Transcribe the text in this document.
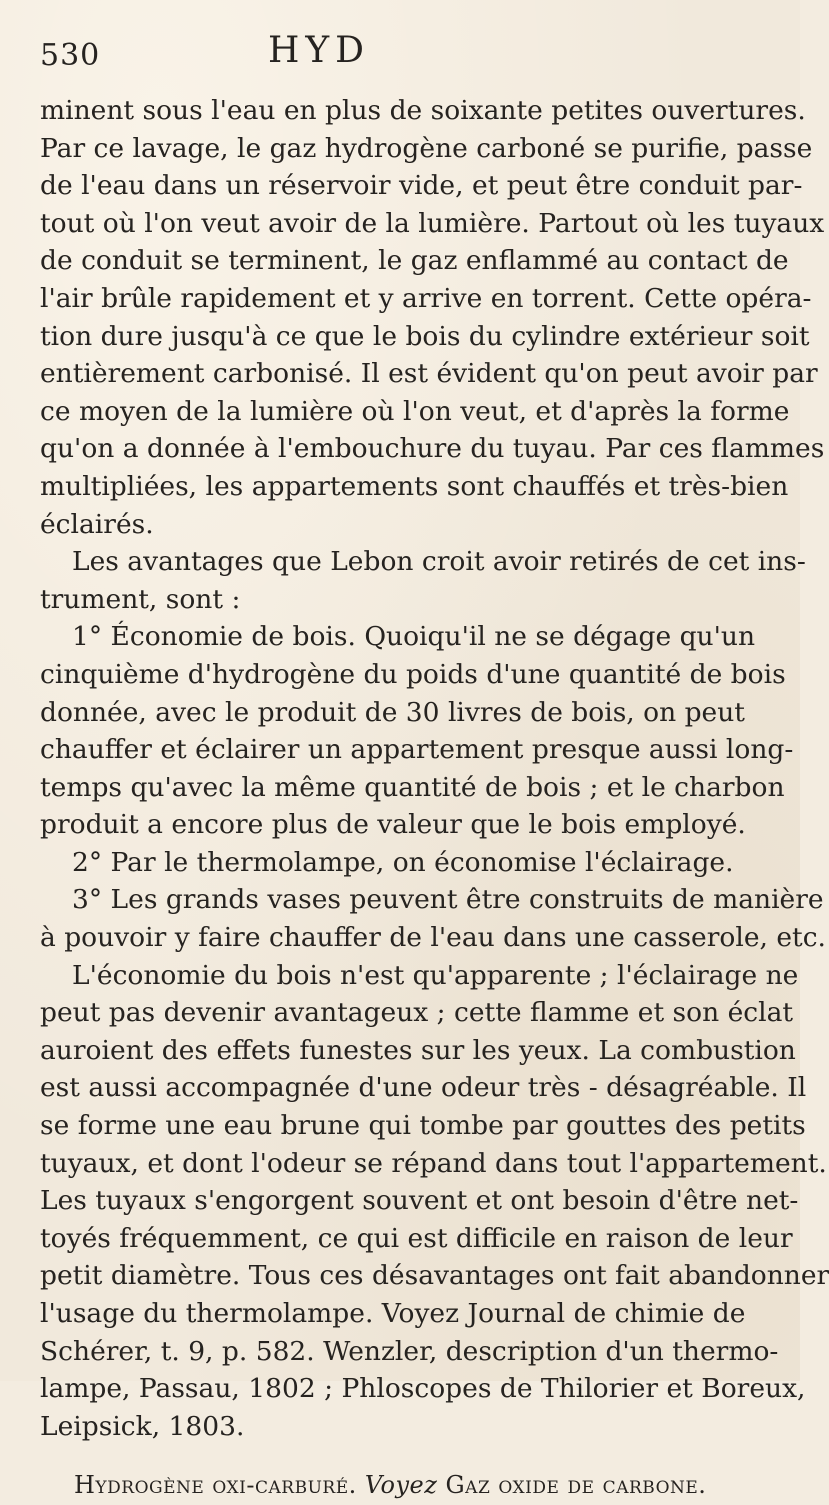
530	HYD
minent sous l'eau en plus de soixante petites ouvertures.
Par ce lavage, le gaz hydrogène carboné se purifie, passe
de l'eau dans un réservoir vide, et peut être conduit par-
tout où l'on veut avoir de la lumière. Partout où les tuyaux
de conduit se terminent, le gaz enflammé au contact de
l'air brûle rapidement et y arrive en torrent. Cette opéra-
tion dure jusqu'à ce que le bois du cylindre extérieur soit
entièrement carbonisé. Il est évident qu'on peut avoir par
ce moyen de la lumière où l'on veut, et d'après la forme
qu'on a donnée à l'embouchure du tuyau. Par ces flammes
multipliées, les appartements sont chauffés et très-bien
éclairés.
Les avantages que Lebon croit avoir retirés de cet ins-
trument, sont :
1° Économie de bois. Quoiqu'il ne se dégage qu'un
cinquième d'hydrogène du poids d'une quantité de bois
donnée, avec le produit de 30 livres de bois, on peut
chauffer et éclairer un appartement presque aussi long-
temps qu'avec la même quantité de bois ; et le charbon
produit a encore plus de valeur que le bois employé.
2° Par le thermolampe, on économise l'éclairage.
3° Les grands vases peuvent être construits de manière
à pouvoir y faire chauffer de l'eau dans une casserole, etc.
L'économie du bois n'est qu'apparente ; l'éclairage ne
peut pas devenir avantageux ; cette flamme et son éclat
auroient des effets funestes sur les yeux. La combustion
est aussi accompagnée d'une odeur très - désagréable. Il
se forme une eau brune qui tombe par gouttes des petits
tuyaux, et dont l'odeur se répand dans tout l'appartement.
Les tuyaux s'engorgent souvent et ont besoin d'être net-
toyés fréquemment, ce qui est difficile en raison de leur
petit diamètre. Tous ces désavantages ont fait abandonner
l'usage du thermolampe. Voyez Journal de chimie de
Schérer, t. 9, p. 582. Wenzler, description d'un thermo-
lampe, Passau, 1802 ; Phloscopes de Thilorier et Boreux,
Leipsick, 1803.
Hydrogène oxi-carburé. Voyez Gaz oxide de carbone.
